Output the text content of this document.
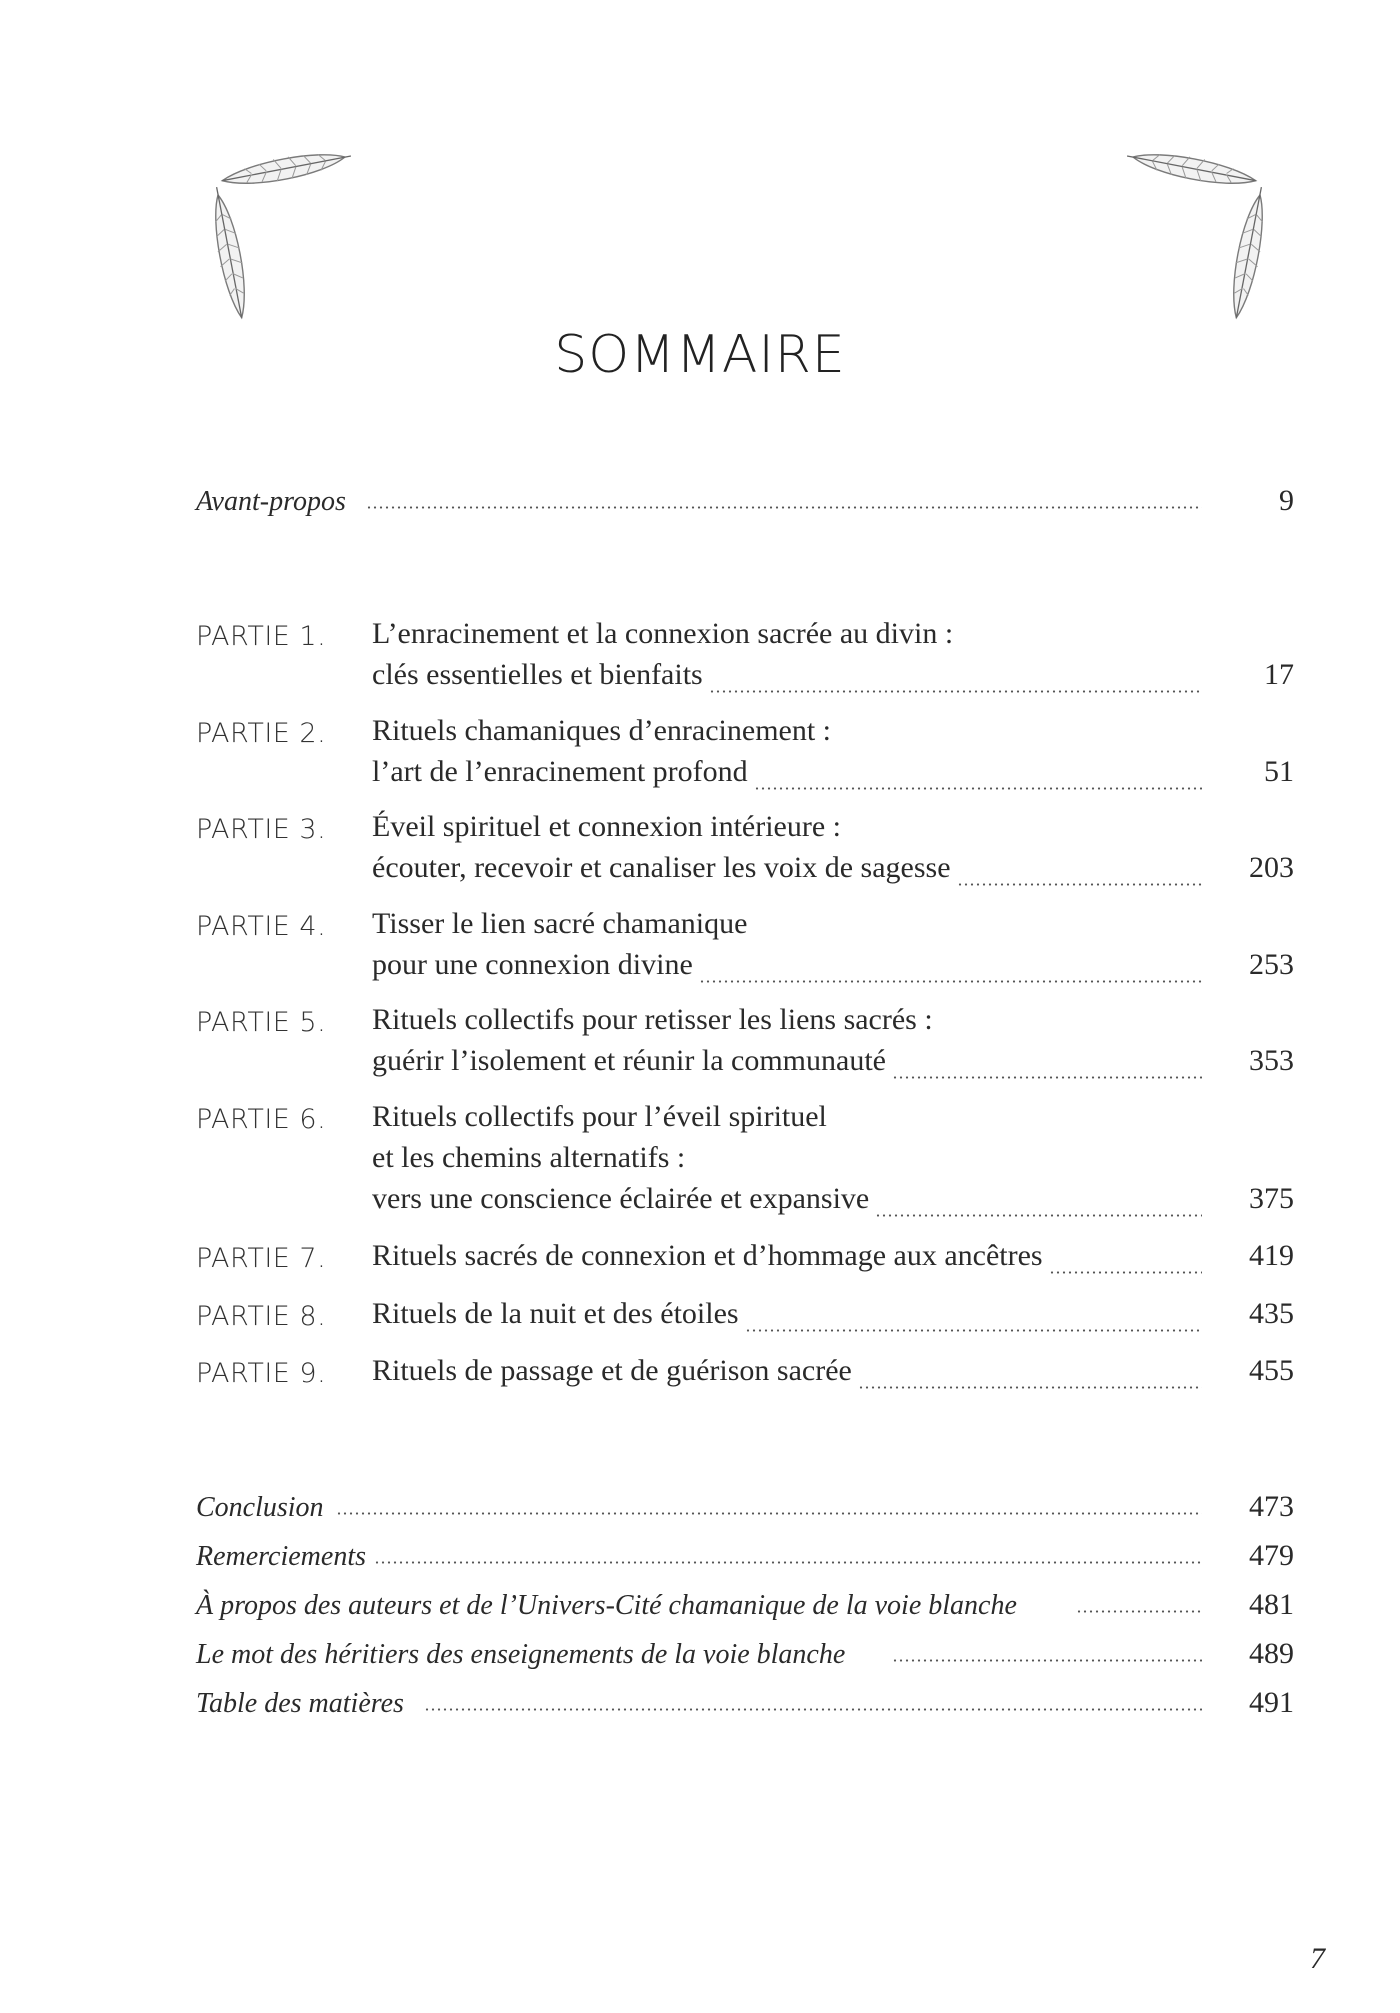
SOMMAIRE
Avant-propos	9
PARTIE 1. L’enracinement et la connexion sacrée au divin :
clés essentielles et bienfaits	17
PARTIE 2. Rituels chamaniques d’enracinement :
l’art de l’enracinement profond	51
PARTIE 3. Éveil spirituel et connexion intérieure :
écouter, recevoir et canaliser les voix de sagesse	203
PARTIE 4. Tisser le lien sacré chamanique
pour une connexion divine	253
PARTIE 5. Rituels collectifs pour retisser les liens sacrés :
guérir l’isolement et réunir la communauté	353
PARTIE 6. Rituels collectifs pour l’éveil spirituel
et les chemins alternatifs :
vers une conscience éclairée et expansive	375
PARTIE 7. Rituels sacrés de connexion et d’hommage aux ancêtres	419
PARTIE 8. Rituels de la nuit et des étoiles	435
PARTIE 9. Rituels de passage et de guérison sacrée	455
Conclusion	473
Remerciements	479
À propos des auteurs et de l’Univers-Cité chamanique de la voie blanche	481
Le mot des héritiers des enseignements de la voie blanche	489
Table des matières	491
7
